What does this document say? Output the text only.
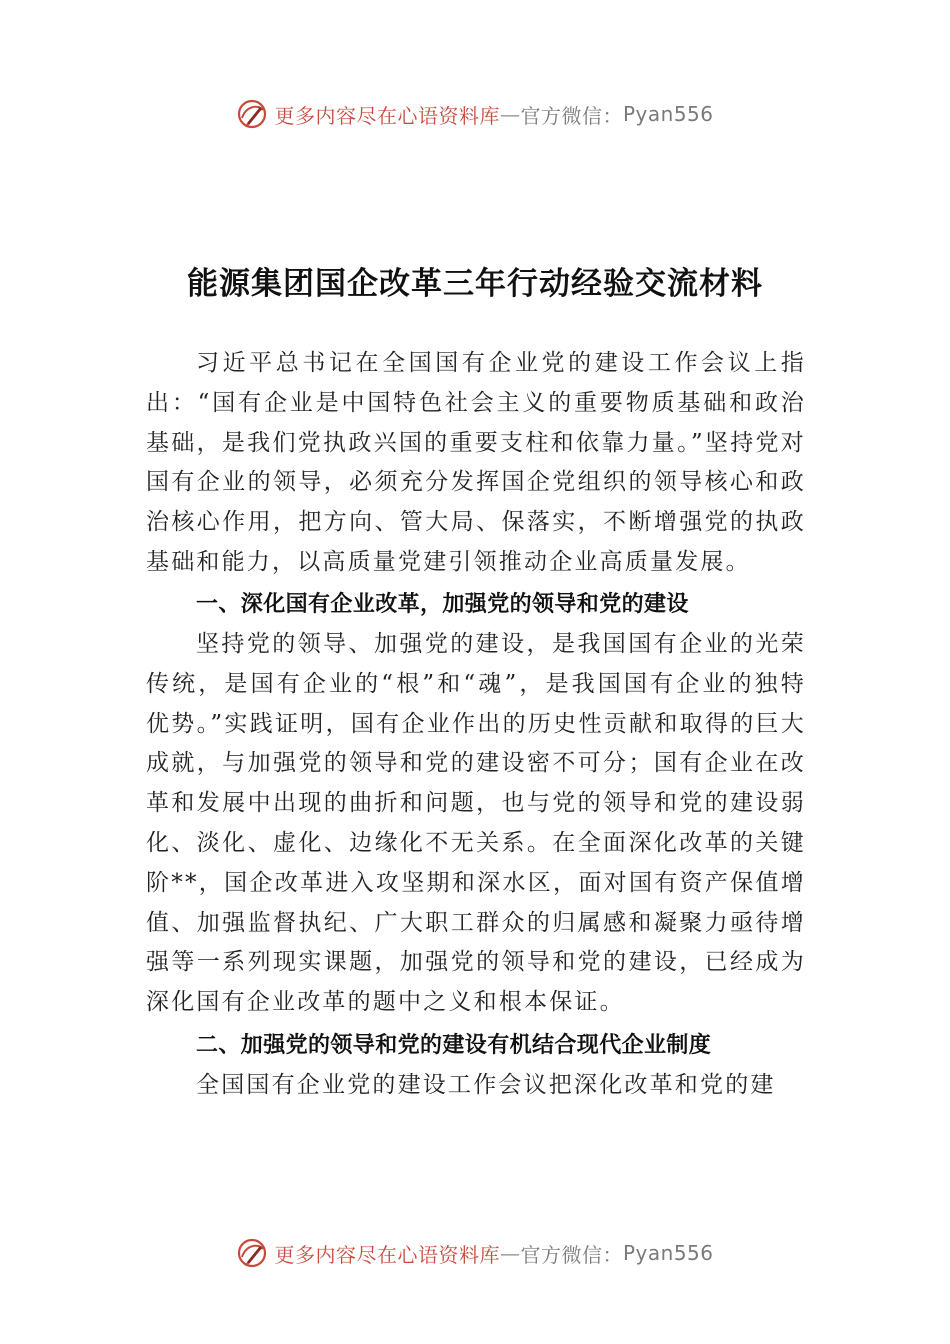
更多内容尽在心语资料库 — 官方微信： Pyan556
能源集团国企改革三年行动经验交流材料

习近平总书记在全国国有企业党的建设工作会议上指出：“国有企业是中国特色社会主义的重要物质基础和政治基础，是我们党执政兴国的重要支柱和依靠力量。”坚持党对国有企业的领导，必须充分发挥国企党组织的领导核心和政治核心作用，把方向、管大局、保落实，不断增强党的执政基础和能力，以高质量党建引领推动企业高质量发展。

一、深化国有企业改革，加强党的领导和党的建设

坚持党的领导、加强党的建设，是我国国有企业的光荣传统，是国有企业的“根”和“魂”，是我国国有企业的独特优势。”实践证明，国有企业作出的历史性贡献和取得的巨大成就，与加强党的领导和党的建设密不可分；国有企业在改革和发展中出现的曲折和问题，也与党的领导和党的建设弱化、淡化、虚化、边缘化不无关系。在全面深化改革的关键阶**，国企改革进入攻坚期和深水区，面对国有资产保值增值、加强监督执纪、广大职工群众的归属感和凝聚力亟待增强等一系列现实课题，加强党的领导和党的建设，已经成为深化国有企业改革的题中之义和根本保证。

二、加强党的领导和党的建设有机结合现代企业制度

全国国有企业党的建设工作会议把深化改革和党的建

更多内容尽在心语资料库 — 官方微信： Pyan556
